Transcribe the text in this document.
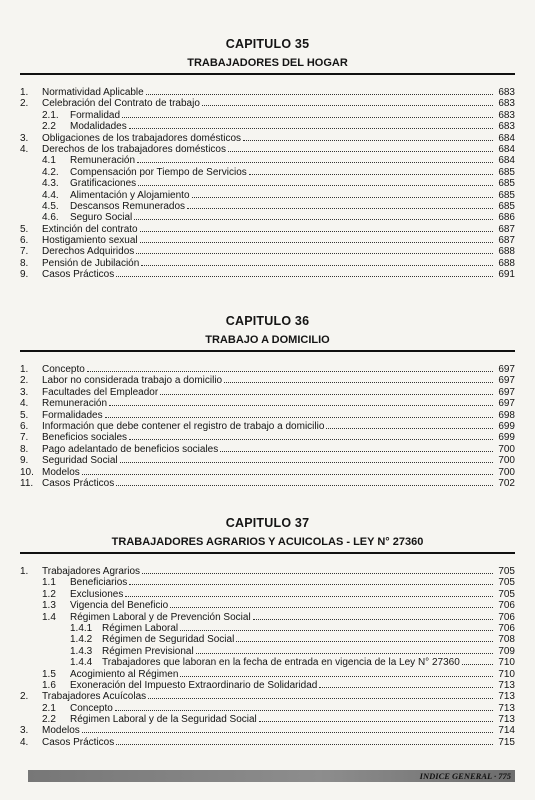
CAPITULO 35
TRABAJADORES DEL HOGAR
1.	Normatividad Aplicable	683
2.	Celebración del Contrato de trabajo	683
2.1.	Formalidad	683
2.2	Modalidades	683
3.	Obligaciones de los trabajadores domésticos	684
4.	Derechos de los trabajadores domésticos	684
4.1	Remuneración	684
4.2.	Compensación por Tiempo de Servicios	685
4.3.	Gratificaciones	685
4.4.	Alimentación y Alojamiento	685
4.5.	Descansos Remunerados	685
4.6.	Seguro Social	686
5.	Extinción del contrato	687
6.	Hostigamiento sexual	687
7.	Derechos Adquiridos	688
8.	Pensión de Jubilación	688
9.	Casos Prácticos	691
CAPITULO 36
TRABAJO A DOMICILIO
1.	Concepto	697
2.	Labor no considerada trabajo a domicilio	697
3.	Facultades del Empleador	697
4.	Remuneración	697
5.	Formalidades	698
6.	Información que debe contener el registro de trabajo a domicilio	699
7.	Beneficios sociales	699
8.	Pago adelantado de beneficios sociales	700
9.	Seguridad Social	700
10. Modelos	700
11. Casos Prácticos	702
CAPITULO 37
TRABAJADORES AGRARIOS Y ACUICOLAS - LEY N° 27360
1.	Trabajadores Agrarios	705
1.1	Beneficiarios	705
1.2	Exclusiones	705
1.3	Vigencia del Beneficio	706
1.4	Régimen Laboral y de Prevención Social	706
1.4.1 Régimen Laboral	706
1.4.2 Régimen de Seguridad Social	708
1.4.3 Régimen Previsional	709
1.4.4 Trabajadores que laboran en la fecha de entrada en vigencia de la Ley N° 27360	710
1.5	Acogimiento al Régimen	710
1.6	Exoneración del Impuesto Extraordinario de Solidaridad	713
2.	Trabajadores Acuícolas	713
2.1	Concepto	713
2.2	Régimen Laboral y de la Seguridad Social	713
3.	Modelos	714
4.	Casos Prácticos	715
INDICE GENERAL · 775
